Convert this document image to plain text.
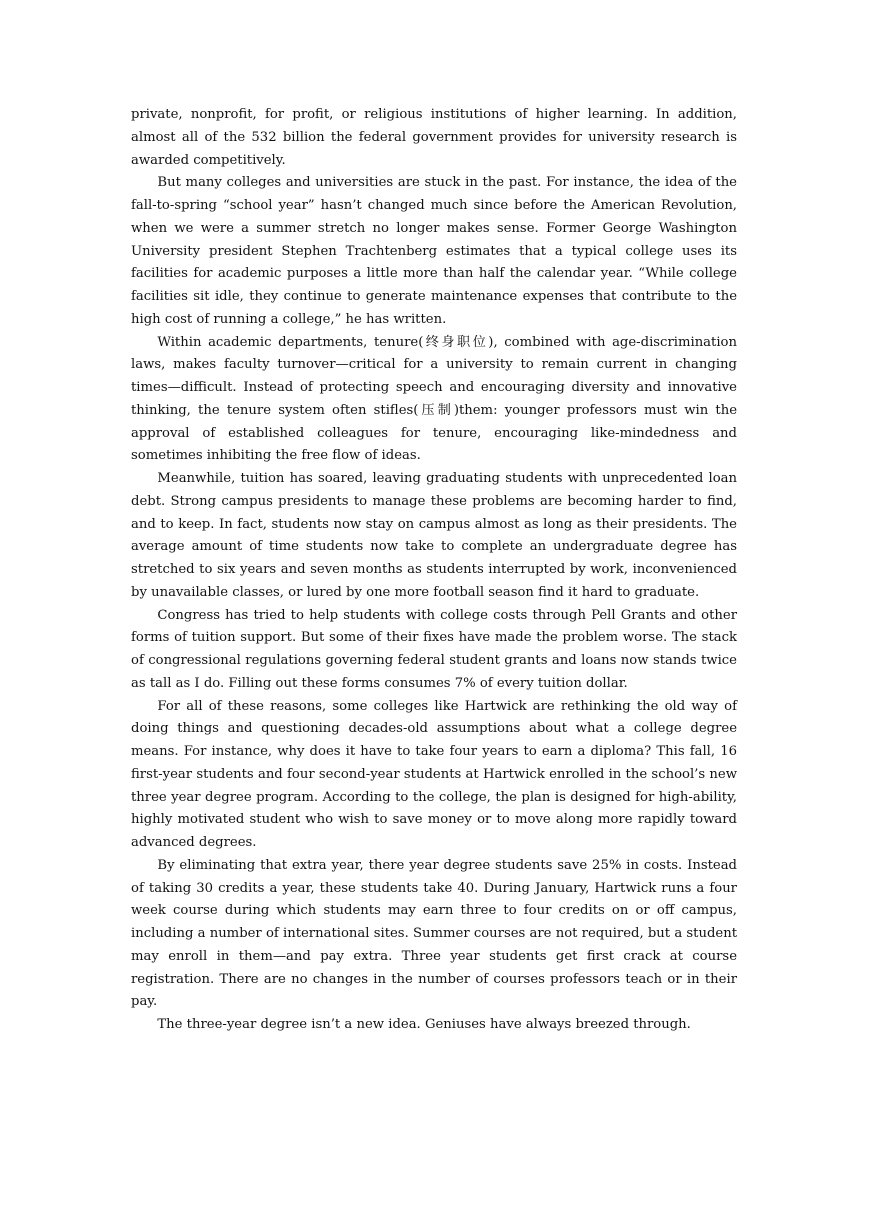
private, nonprofit, for profit, or religious institutions of higher learning. In addition, almost all of the 532 billion the federal government provides for university research is awarded competitively.

But many colleges and universities are stuck in the past. For instance, the idea of the fall-to-spring “school year” hasn’t changed much since before the American Revolution, when we were a summer stretch no longer makes sense. Former George Washington University president Stephen Trachtenberg estimates that a typical college uses its facilities for academic purposes a little more than half the calendar year. “While college facilities sit idle, they continue to generate maintenance expenses that contribute to the high cost of running a college,” he has written.

Within academic departments, tenure(终身职位), combined with age-discrimination laws, makes faculty turnover—critical for a university to remain current in changing times—difficult. Instead of protecting speech and encouraging diversity and innovative thinking, the tenure system often stifles(压制)them: younger professors must win the approval of established colleagues for tenure, encouraging like-mindedness and sometimes inhibiting the free flow of ideas.

Meanwhile, tuition has soared, leaving graduating students with unprecedented loan debt. Strong campus presidents to manage these problems are becoming harder to find, and to keep. In fact, students now stay on campus almost as long as their presidents. The average amount of time students now take to complete an undergraduate degree has stretched to six years and seven months as students interrupted by work, inconvenienced by unavailable classes, or lured by one more football season find it hard to graduate.

Congress has tried to help students with college costs through Pell Grants and other forms of tuition support. But some of their fixes have made the problem worse. The stack of congressional regulations governing federal student grants and loans now stands twice as tall as I do. Filling out these forms consumes 7% of every tuition dollar.

For all of these reasons, some colleges like Hartwick are rethinking the old way of doing things and questioning decades-old assumptions about what a college degree means. For instance, why does it have to take four years to earn a diploma? This fall, 16 first-year students and four second-year students at Hartwick enrolled in the school’s new three year degree program. According to the college, the plan is designed for high-ability, highly motivated student who wish to save money or to move along more rapidly toward advanced degrees.

By eliminating that extra year, there year degree students save 25% in costs. Instead of taking 30 credits a year, these students take 40. During January, Hartwick runs a four week course during which students may earn three to four credits on or off campus, including a number of international sites. Summer courses are not required, but a student may enroll in them—and pay extra. Three year students get first crack at course registration. There are no changes in the number of courses professors teach or in their pay.

The three-year degree isn’t a new idea. Geniuses have always breezed through.
